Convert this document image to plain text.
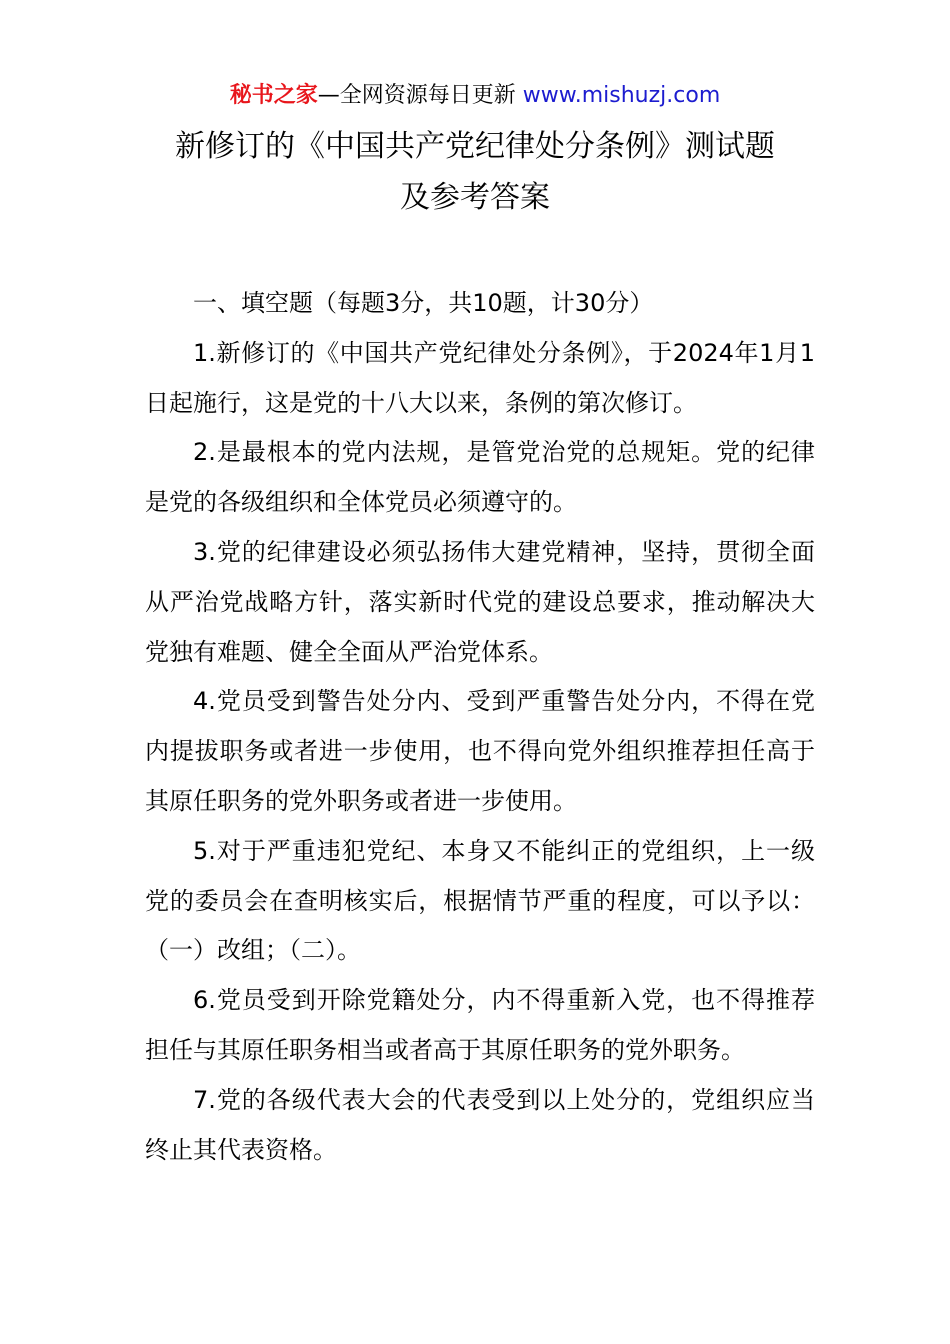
秘书之家—全网资源每日更新 www.mishuzj.com
新修订的《中国共产党纪律处分条例》测试题
及参考答案

一、填空题（每题3分，共10题，计30分）

1.新修订的《中国共产党纪律处分条例》，于2024年1月1日起施行，这是党的十八大以来，条例的第次修订。

2.是最根本的党内法规，是管党治党的总规矩。党的纪律是党的各级组织和全体党员必须遵守的。

3.党的纪律建设必须弘扬伟大建党精神，坚持，贯彻全面从严治党战略方针，落实新时代党的建设总要求，推动解决大党独有难题、健全全面从严治党体系。

4.党员受到警告处分内、受到严重警告处分内，不得在党内提拔职务或者进一步使用，也不得向党外组织推荐担任高于其原任职务的党外职务或者进一步使用。

5.对于严重违犯党纪、本身又不能纠正的党组织，上一级党的委员会在查明核实后，根据情节严重的程度，可以予以：（一）改组；（二）。

6.党员受到开除党籍处分，内不得重新入党，也不得推荐担任与其原任职务相当或者高于其原任职务的党外职务。

7.党的各级代表大会的代表受到以上处分的，党组织应当终止其代表资格。
